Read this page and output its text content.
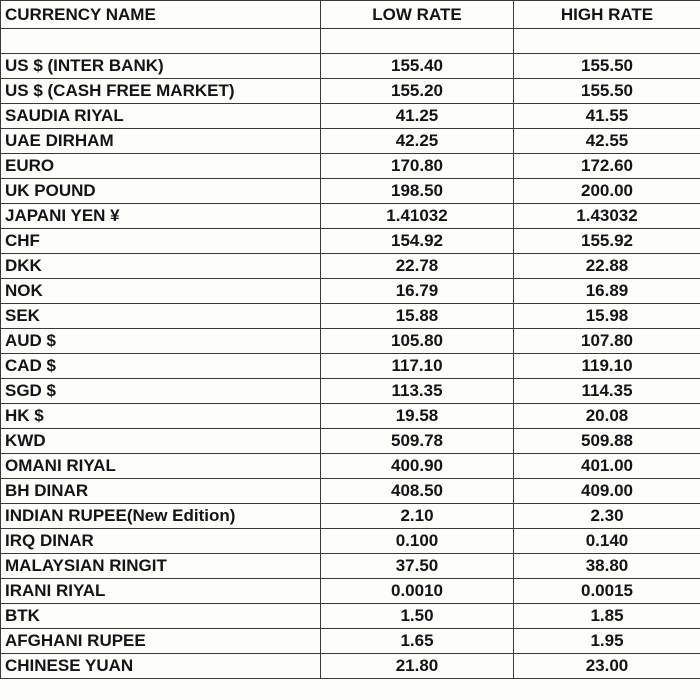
CURRENCY NAME	LOW RATE	HIGH RATE

US $ (INTER BANK)	155.40	155.50
US $ (CASH FREE MARKET)	155.20	155.50
SAUDIA RIYAL	41.25	41.55
UAE DIRHAM	42.25	42.55
EURO	170.80	172.60
UK POUND	198.50	200.00
JAPANI YEN ¥	1.41032	1.43032
CHF	154.92	155.92
DKK	22.78	22.88
NOK	16.79	16.89
SEK	15.88	15.98
AUD $	105.80	107.80
CAD $	117.10	119.10
SGD $	113.35	114.35
HK $	19.58	20.08
KWD	509.78	509.88
OMANI RIYAL	400.90	401.00
BH DINAR	408.50	409.00
INDIAN RUPEE(New Edition)	2.10	2.30
IRQ DINAR	0.100	0.140
MALAYSIAN RINGIT	37.50	38.80
IRANI RIYAL	0.0010	0.0015
BTK	1.50	1.85
AFGHANI RUPEE	1.65	1.95
CHINESE YUAN	21.80	23.00
